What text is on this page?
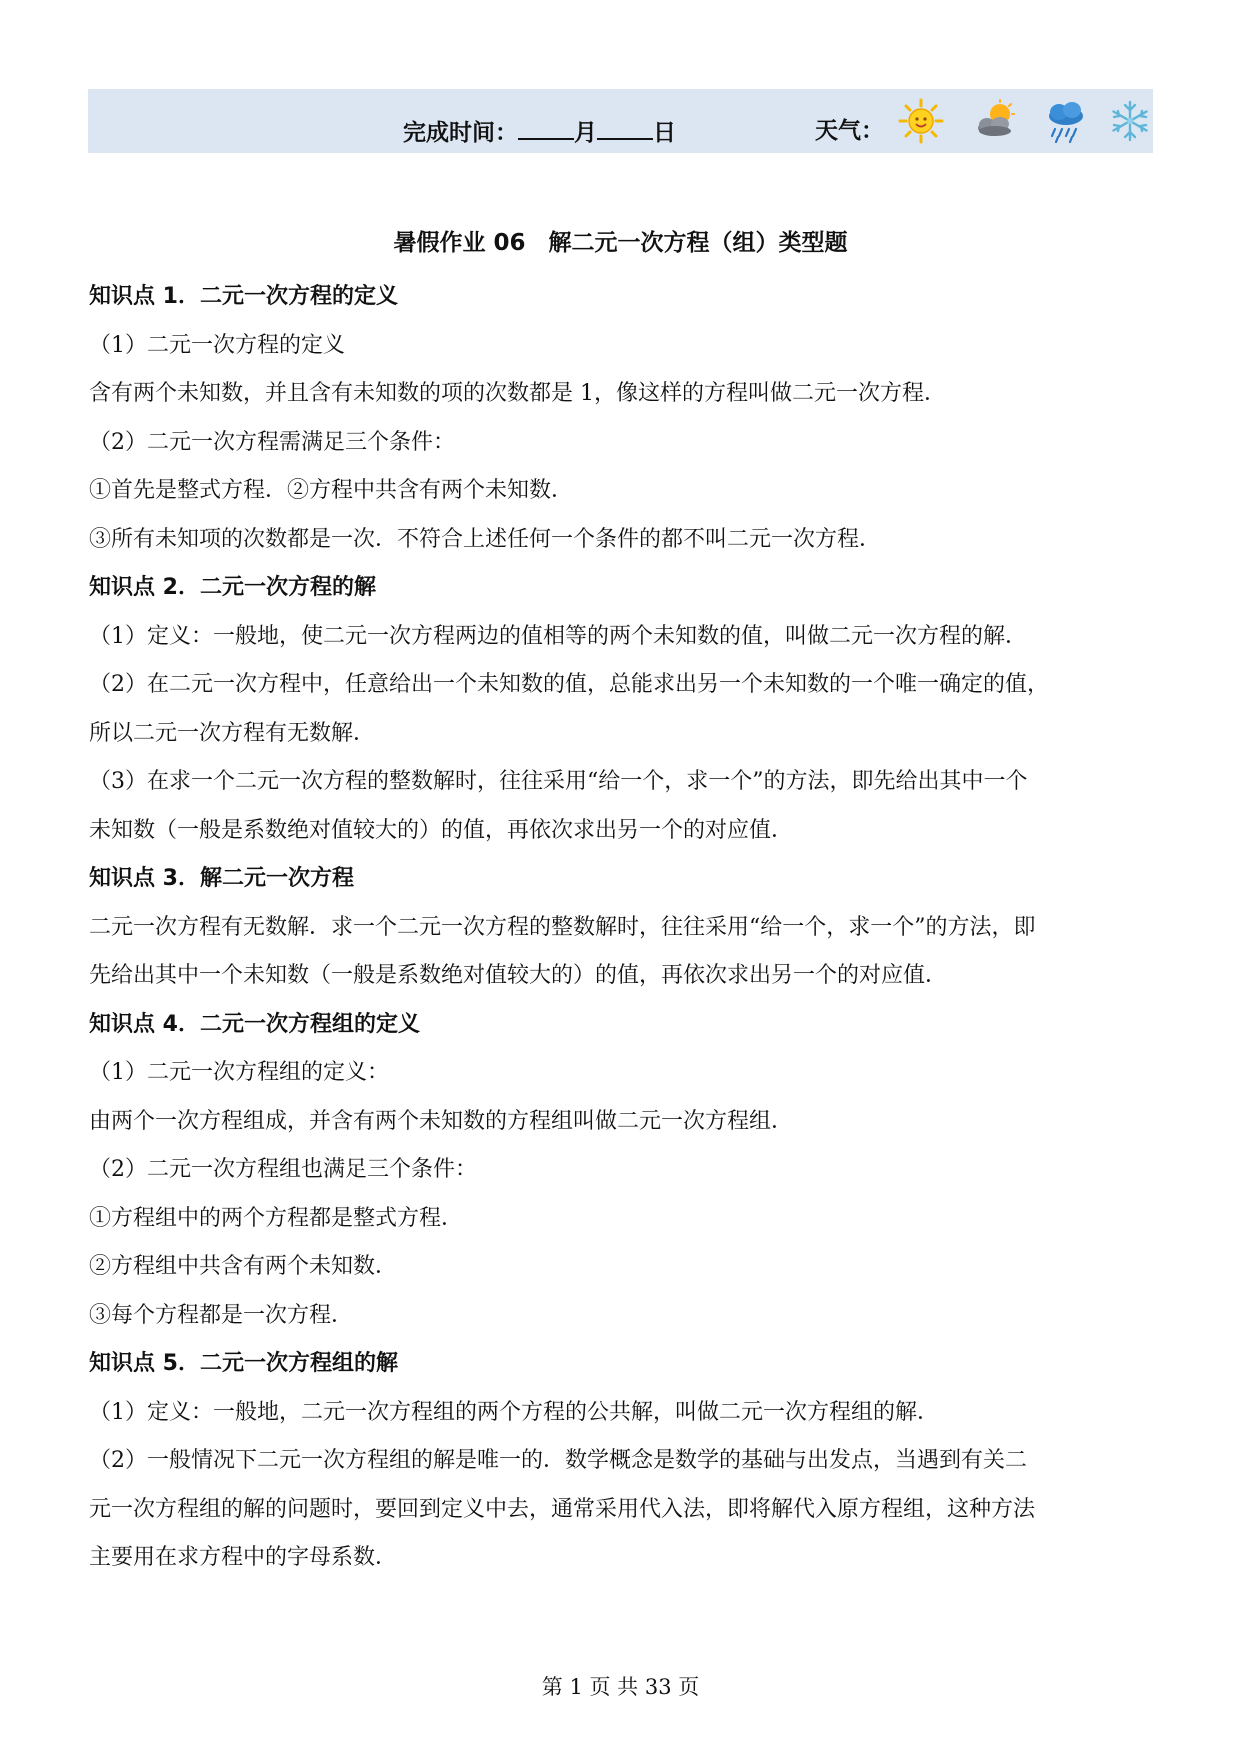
完成时间： 月 日	天气：
暑假作业 06　解二元一次方程（组）类型题
知识点 1．二元一次方程的定义
（1）二元一次方程的定义
含有两个未知数，并且含有未知数的项的次数都是 1，像这样的方程叫做二元一次方程．
（2）二元一次方程需满足三个条件：
①首先是整式方程．②方程中共含有两个未知数．
③所有未知项的次数都是一次．不符合上述任何一个条件的都不叫二元一次方程．
知识点 2．二元一次方程的解
（1）定义：一般地，使二元一次方程两边的值相等的两个未知数的值，叫做二元一次方程的解．
（2）在二元一次方程中，任意给出一个未知数的值，总能求出另一个未知数的一个唯一确定的值，
所以二元一次方程有无数解．
（3）在求一个二元一次方程的整数解时，往往采用“给一个，求一个”的方法，即先给出其中一个
未知数（一般是系数绝对值较大的）的值，再依次求出另一个的对应值．
知识点 3．解二元一次方程
二元一次方程有无数解．求一个二元一次方程的整数解时，往往采用“给一个，求一个”的方法，即
先给出其中一个未知数（一般是系数绝对值较大的）的值，再依次求出另一个的对应值．
知识点 4．二元一次方程组的定义
（1）二元一次方程组的定义：
由两个一次方程组成，并含有两个未知数的方程组叫做二元一次方程组．
（2）二元一次方程组也满足三个条件：
①方程组中的两个方程都是整式方程．
②方程组中共含有两个未知数．
③每个方程都是一次方程．
知识点 5．二元一次方程组的解
（1）定义：一般地，二元一次方程组的两个方程的公共解，叫做二元一次方程组的解．
（2）一般情况下二元一次方程组的解是唯一的．数学概念是数学的基础与出发点，当遇到有关二
元一次方程组的解的问题时，要回到定义中去，通常采用代入法，即将解代入原方程组，这种方法
主要用在求方程中的字母系数．
第 1 页 共 33 页
